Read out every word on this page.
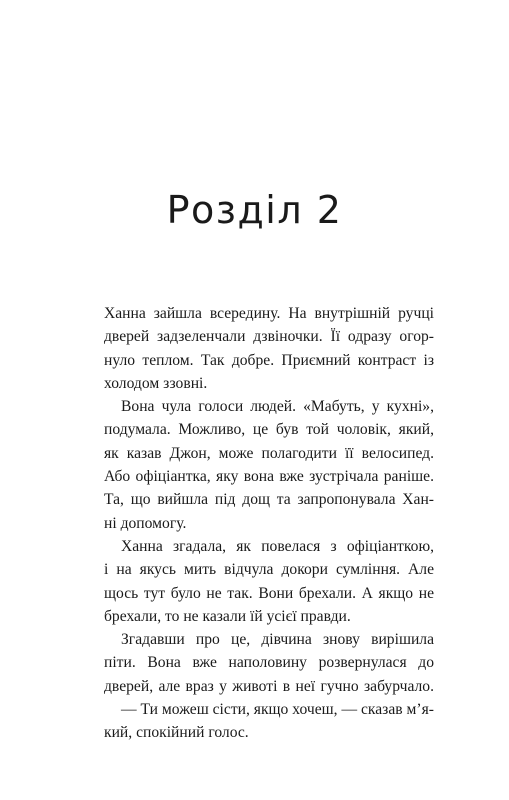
Розділ 2
Ханна зайшла всередину. На внутрішній ручці
дверей задзеленчали дзвіночки. Її одразу огор-
нуло теплом. Так добре. Приємний контраст із
холодом ззовні.
Вона чула голоси людей. «Мабуть, у кухні»,
подумала. Можливо, це був той чоловік, який,
як казав Джон, може полагодити її велосипед.
Або офіціантка, яку вона вже зустрічала раніше.
Та, що вийшла під дощ та запропонувала Хан-
ні допомогу.
Ханна згадала, як повелася з офіціанткою,
і на якусь мить відчула докори сумління. Але
щось тут було не так. Вони брехали. А якщо не
брехали, то не казали їй усієї правди.
Згадавши про це, дівчина знову вирішила
піти. Вона вже наполовину розвернулася до
дверей, але враз у животі в неї гучно забурчало.
— Ти можеш сісти, якщо хочеш, — сказав м’я-
кий, спокійний голос.
